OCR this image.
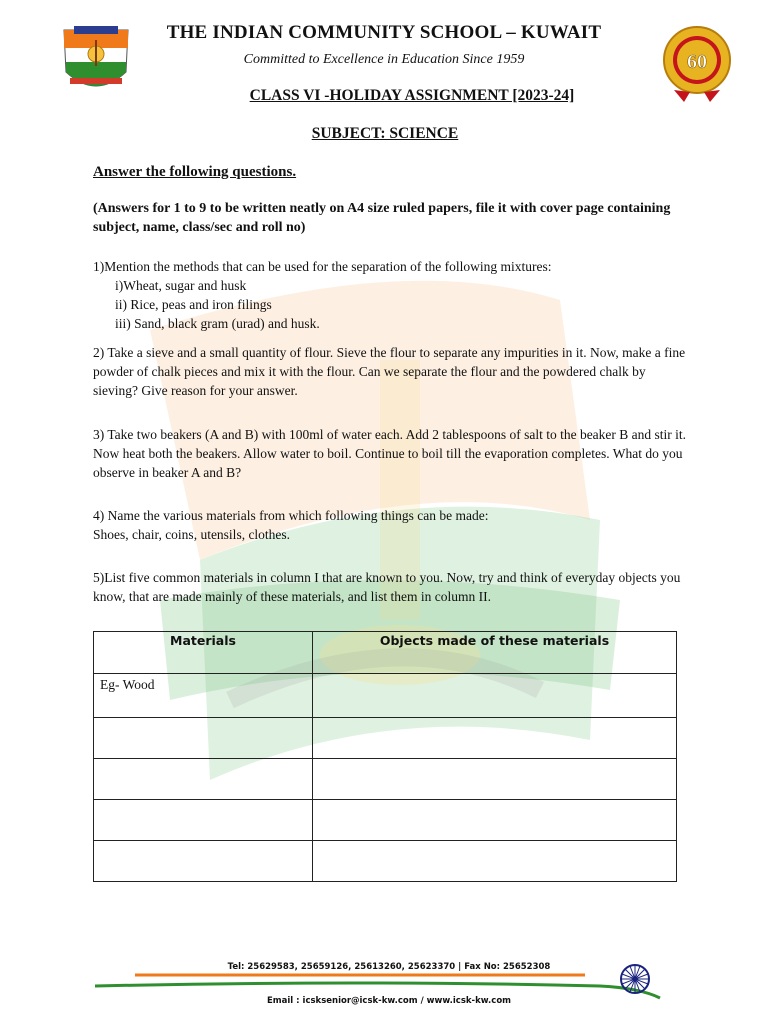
60
THE INDIAN COMMUNITY SCHOOL – KUWAIT
Committed to Excellence in Education Since 1959
CLASS VI -HOLIDAY ASSIGNMENT [2023-24]
SUBJECT: SCIENCE
Answer the following questions.
(Answers for 1 to 9 to be written neatly on A4 size ruled papers, file it with cover page containing subject, name, class/sec and roll no)
1)Mention the methods that can be used for the separation of the following mixtures:
i)Wheat, sugar and husk
ii) Rice, peas and iron filings
iii) Sand, black gram (urad) and husk.
2) Take a sieve and a small quantity of flour. Sieve the flour to separate any impurities in it. Now, make a fine powder of chalk pieces and mix it with the flour. Can we separate the flour and the powdered chalk by sieving? Give reason for your answer.
3) Take two beakers (A and B) with 100ml of water each. Add 2 tablespoons of salt to the beaker B and stir it. Now heat both the beakers. Allow water to boil. Continue to boil till the evaporation completes. What do you observe in beaker A and B?
4) Name the various materials from which following things can be made:
Shoes, chair, coins, utensils, clothes.
5)List five common materials in column I that are known to you. Now, try and think of everyday objects you know, that are made mainly of these materials, and list them in column II.
Materials	Objects made of these materials
Eg- Wood	

Tel: 25629583, 25659126, 25613260, 25623370 | Fax No: 25652308
Email : icsksenior@icsk-kw.com / www.icsk-kw.com
